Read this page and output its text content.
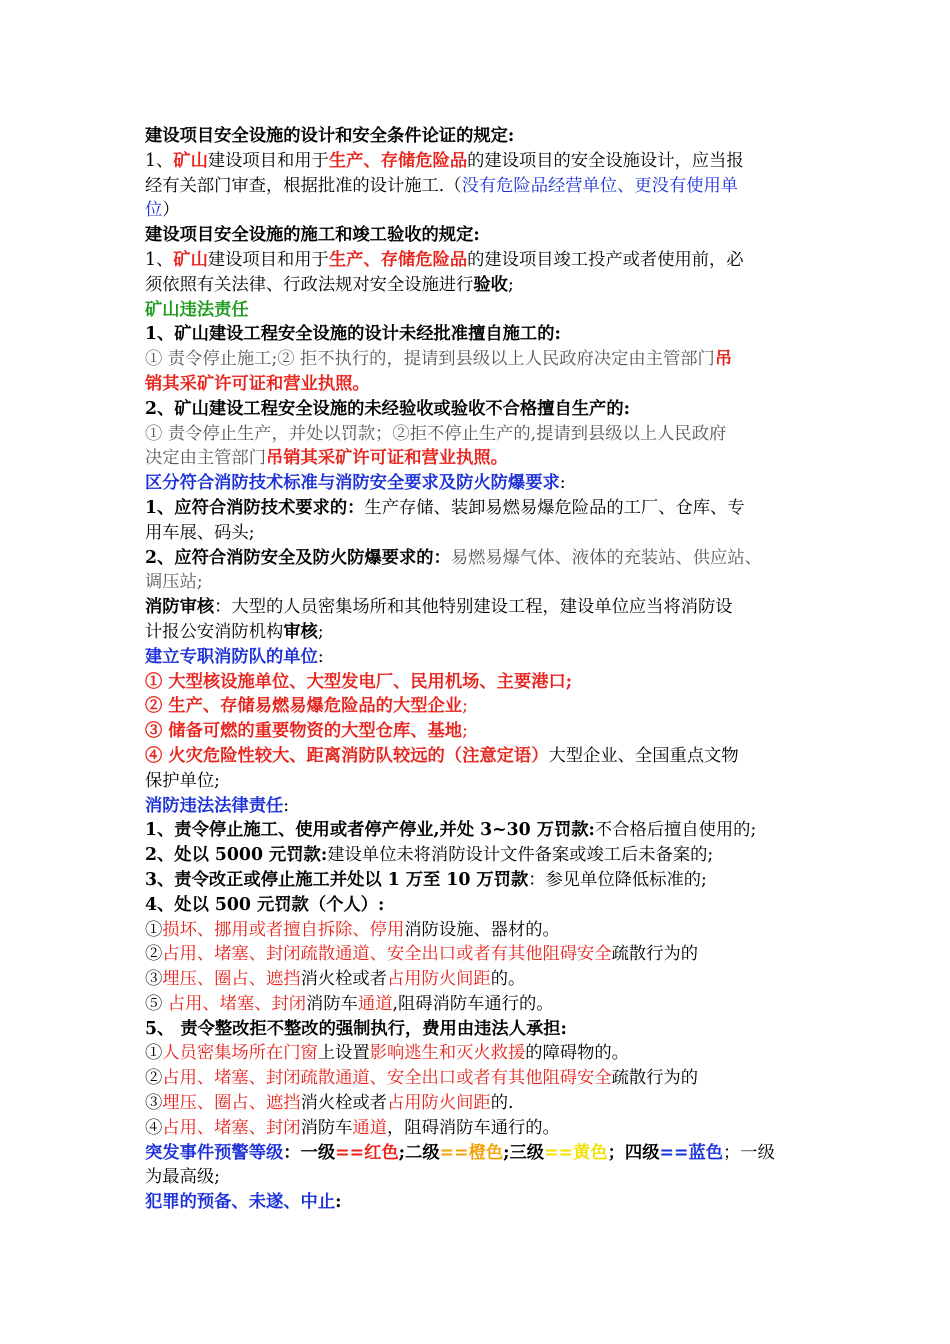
建设项目安全设施的设计和安全条件论证的规定:
1、矿山建设项目和用于生产、存储危险品的建设项目的安全设施设计，应当报
经有关部门审查，根据批准的设计施工.（没有危险品经营单位、更没有使用单
位）
建设项目安全设施的施工和竣工验收的规定:
1、矿山建设项目和用于生产、存储危险品的建设项目竣工投产或者使用前，必
须依照有关法律、行政法规对安全设施进行验收;
矿山违法责任
1、矿山建设工程安全设施的设计未经批准擅自施工的:
① 责令停止施工;② 拒不执行的，提请到县级以上人民政府决定由主管部门吊
销其采矿许可证和营业执照。
2、矿山建设工程安全设施的未经验收或验收不合格擅自生产的:
① 责令停止生产，并处以罚款；②拒不停止生产的,提请到县级以上人民政府
决定由主管部门吊销其采矿许可证和营业执照。
区分符合消防技术标准与消防安全要求及防火防爆要求:
1、应符合消防技术要求的：生产存储、装卸易燃易爆危险品的工厂、仓库、专
用车展、码头;
2、应符合消防安全及防火防爆要求的：易燃易爆气体、液体的充装站、供应站、
调压站;
消防审核：大型的人员密集场所和其他特别建设工程，建设单位应当将消防设
计报公安消防机构审核;
建立专职消防队的单位:
① 大型核设施单位、大型发电厂、民用机场、主要港口;
② 生产、存储易燃易爆危险品的大型企业;
③ 储备可燃的重要物资的大型仓库、基地;
④ 火灾危险性较大、距离消防队较远的（注意定语）大型企业、全国重点文物
保护单位;
消防违法法律责任:
1、责令停止施工、使用或者停产停业,并处 3~30 万罚款:不合格后擅自使用的;
2、处以 5000 元罚款:建设单位未将消防设计文件备案或竣工后未备案的;
3、责令改正或停止施工并处以 1 万至 10 万罚款：参见单位降低标准的;
4、处以 500 元罚款（个人）:
①损坏、挪用或者擅自拆除、停用消防设施、器材的。
②占用、堵塞、封闭疏散通道、安全出口或者有其他阻碍安全疏散行为的
③埋压、圈占、遮挡消火栓或者占用防火间距的。
⑤ 占用、堵塞、封闭消防车通道,阻碍消防车通行的。
5、 责令整改拒不整改的强制执行，费用由违法人承担:
①人员密集场所在门窗上设置影响逃生和灭火救援的障碍物的。
②占用、堵塞、封闭疏散通道、安全出口或者有其他阻碍安全疏散行为的
③埋压、圈占、遮挡消火栓或者占用防火间距的.
④占用、堵塞、封闭消防车通道，阻碍消防车通行的。
突发事件预警等级：一级==红色;二级==橙色;三级==黄色；四级==蓝色；一级
为最高级;
犯罪的预备、未遂、中止:
